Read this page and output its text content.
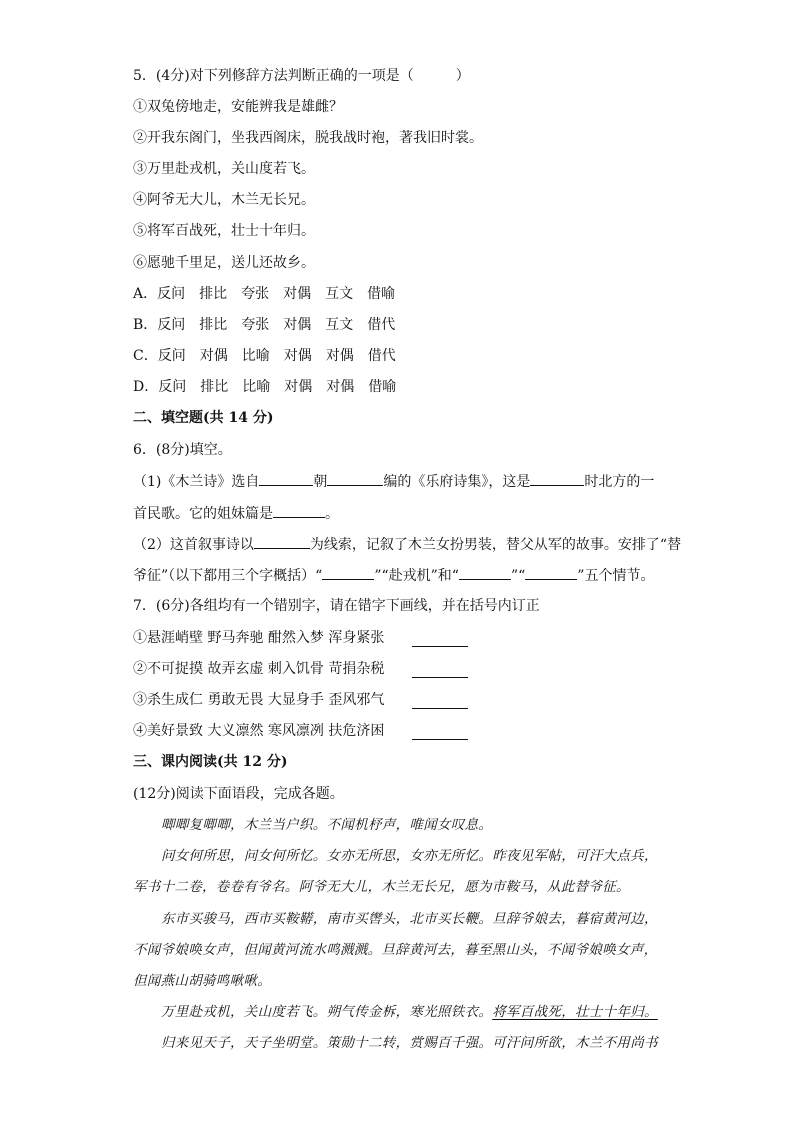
5．(4分)对下列修辞方法判断正确的一项是（　　　）
①双兔傍地走，安能辨我是雄雌？
②开我东阁门，坐我西阁床，脱我战时袍，著我旧时裳。
③万里赴戎机，关山度若飞。
④阿爷无大儿，木兰无长兄。
⑤将军百战死，壮士十年归。
⑥愿驰千里足，送儿还故乡。
A．反问　排比　夸张　对偶　互文　借喻
B．反问　排比　夸张　对偶　互文　借代
C．反问　对偶　比喻　对偶　对偶　借代
D．反问　排比　比喻　对偶　对偶　借喻
二、填空题(共 14 分)
6．(8分)填空。
（1)《木兰诗》选自	朝	编的《乐府诗集》，这是	时北方的一
首民歌。它的姐妹篇是	。
（2）这首叙事诗以	为线索，记叙了木兰女扮男装，替父从军的故事。安排了“替
爷征”（以下都用三个字概括）“	”“赴戎机”和“	”“	”五个情节。
7．(6分)各组均有一个错别字，请在错字下画线，并在括号内订正
①悬涯峭壁 野马奔驰 酣然入梦 浑身紧张
②不可捉摸 故弄玄虚 刺入饥骨 苛捐杂税
③杀生成仁 勇敢无畏 大显身手 歪风邪气
④美好景致 大义凛然 寒风凛冽 扶危济困
三、课内阅读(共 12 分)
(12分)阅读下面语段，完成各题。
唧唧复唧唧，木兰当户织。不闻机杼声，唯闻女叹息。
问女何所思，问女何所忆。女亦无所思，女亦无所忆。昨夜见军帖，可汗大点兵，
军书十二卷，卷卷有爷名。阿爷无大儿，木兰无长兄，愿为市鞍马，从此替爷征。
东市买骏马，西市买鞍鞯，南市买辔头，北市买长鞭。旦辞爷娘去，暮宿黄河边，
不闻爷娘唤女声，但闻黄河流水鸣溅溅。旦辞黄河去，暮至黑山头，不闻爷娘唤女声，
但闻燕山胡骑鸣啾啾。
万里赴戎机，关山度若飞。朔气传金柝，寒光照铁衣。将军百战死，壮士十年归。
归来见天子，天子坐明堂。策勋十二转，赏赐百千强。可汗问所欲，木兰不用尚书
